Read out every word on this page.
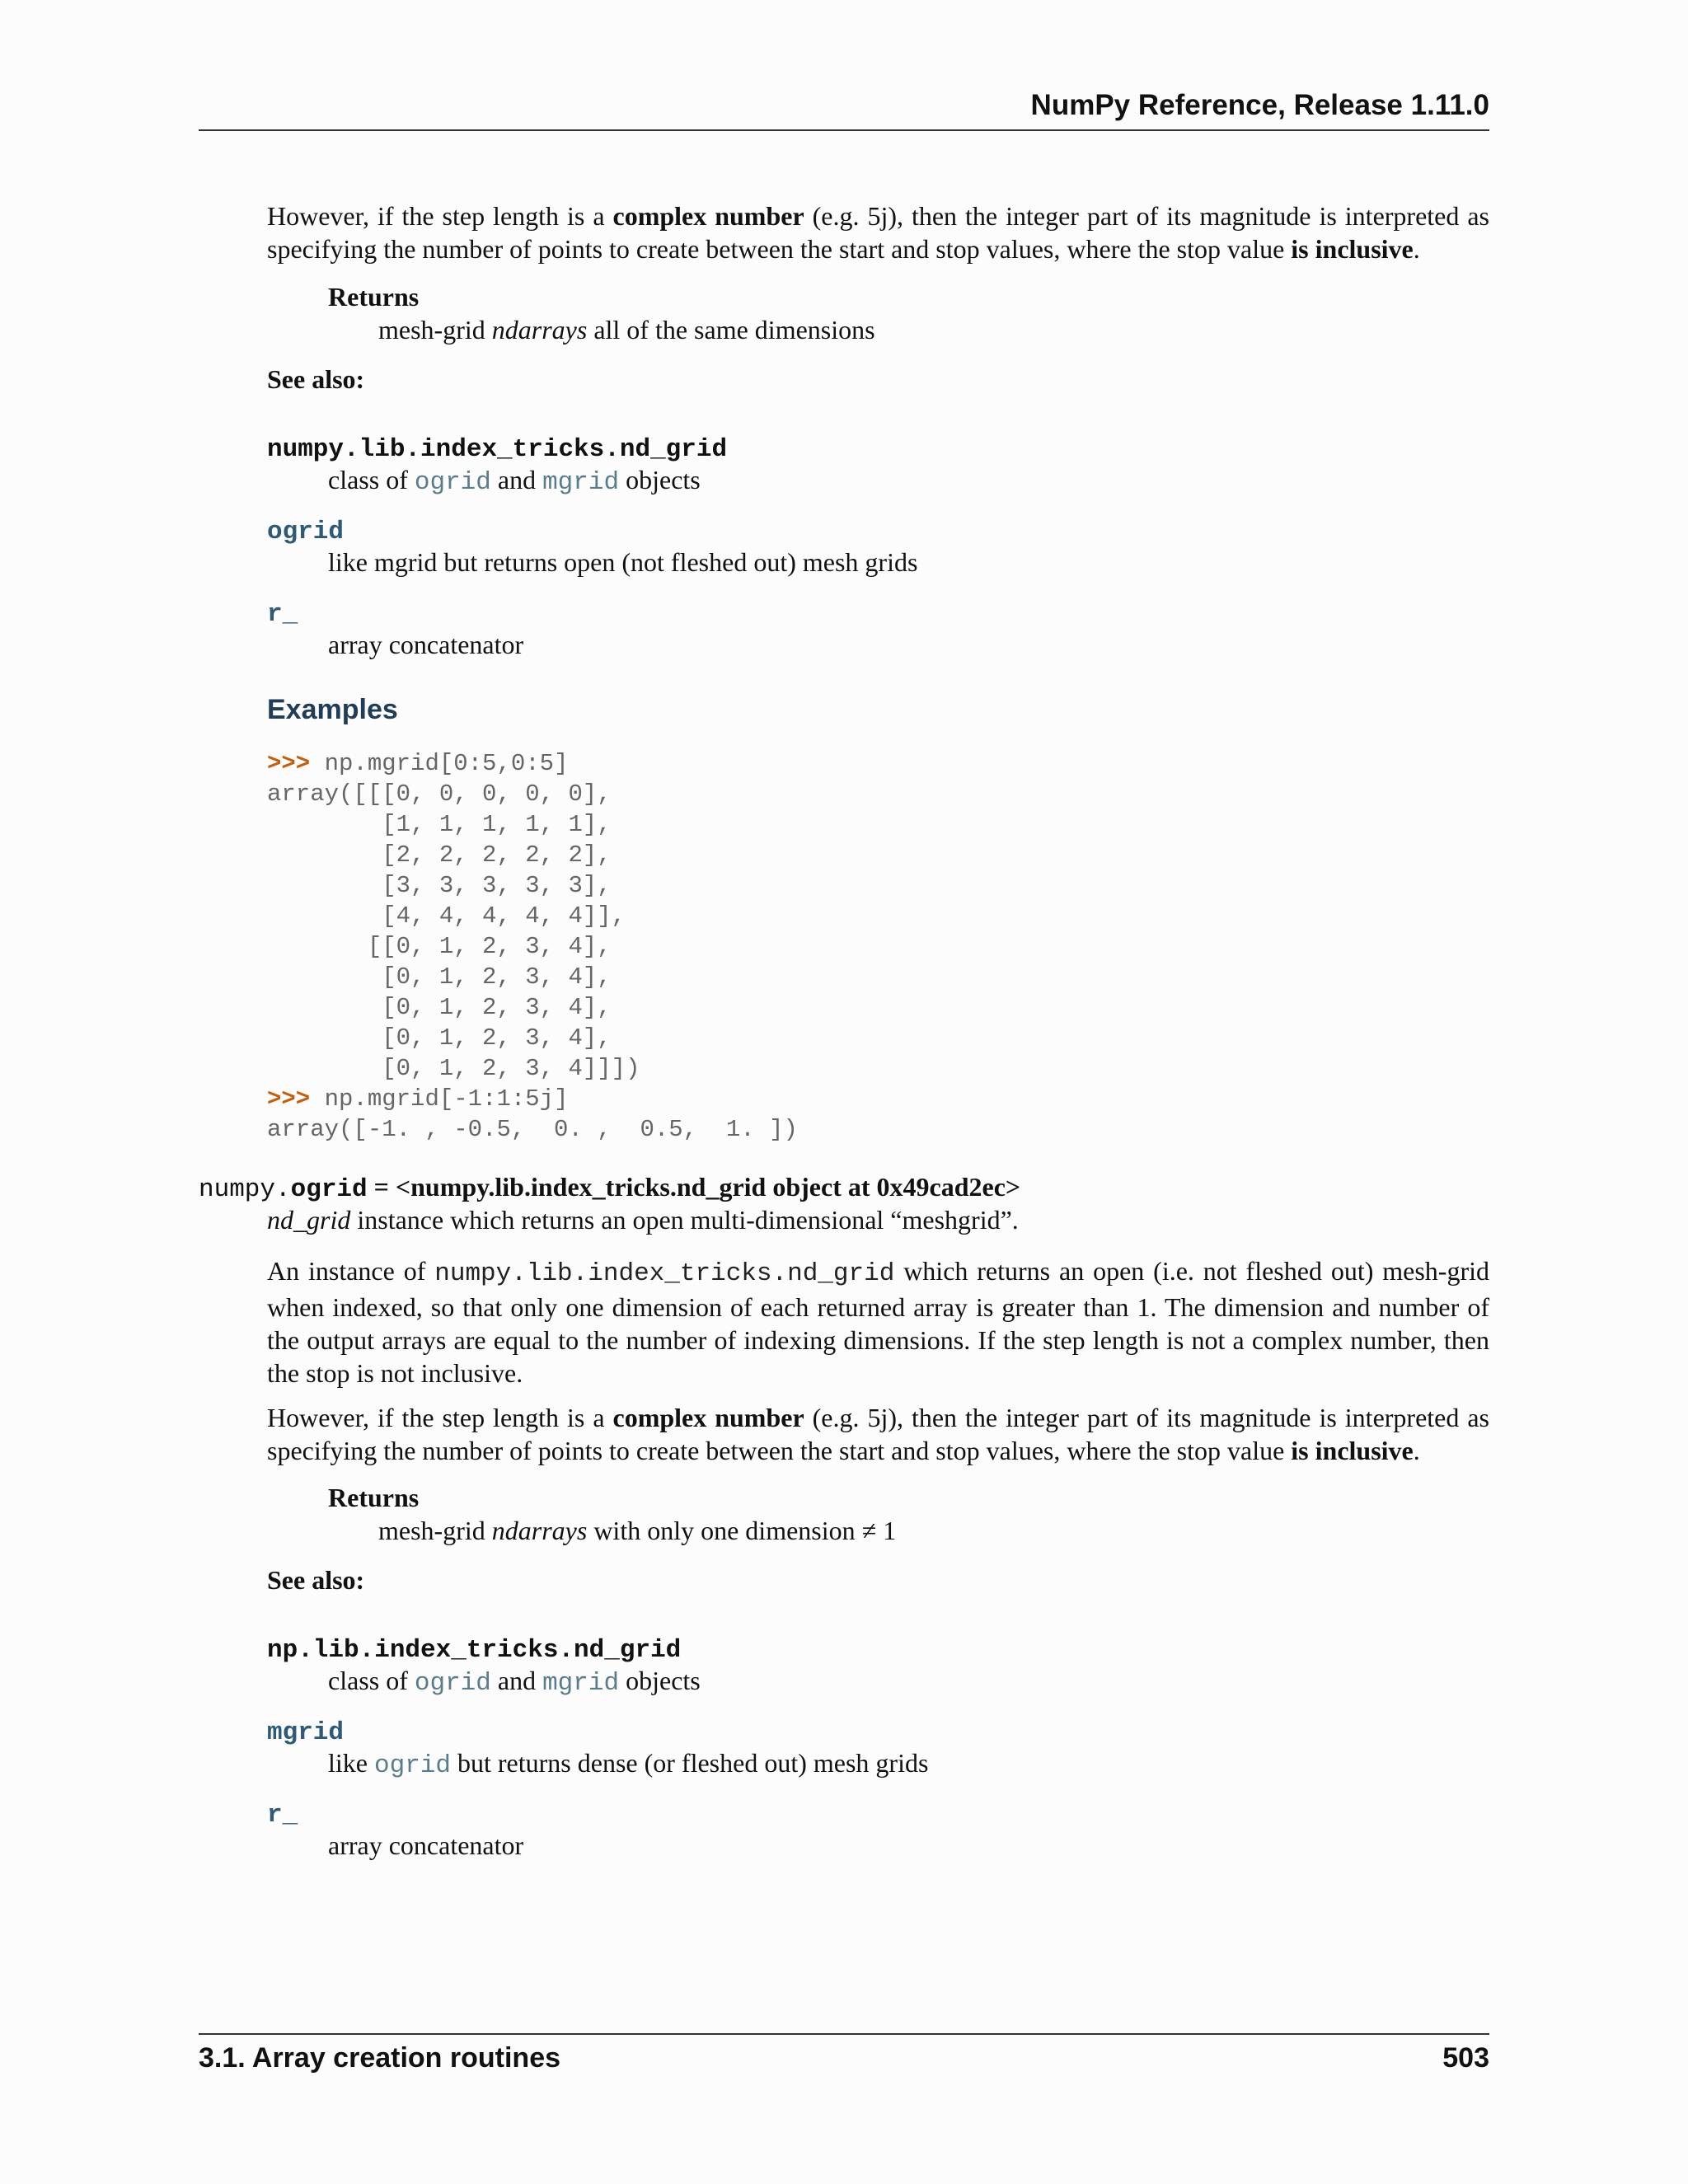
NumPy Reference, Release 1.11.0

However, if the step length is a complex number (e.g. 5j), then the integer part of its magnitude is interpreted as specifying the number of points to create between the start and stop values, where the stop value is inclusive.

Returns
mesh-grid ndarrays all of the same dimensions
See also:
numpy.lib.index_tricks.nd_grid
class of ogrid and mgrid objects
ogrid
like mgrid but returns open (not fleshed out) mesh grids
r_
array concatenator
Examples
>>> np.mgrid[0:5,0:5]
array([[[0, 0, 0, 0, 0],
[1, 1, 1, 1, 1],
[2, 2, 2, 2, 2],
[3, 3, 3, 3, 3],
[4, 4, 4, 4, 4]],
[[0, 1, 2, 3, 4],
[0, 1, 2, 3, 4],
[0, 1, 2, 3, 4],
[0, 1, 2, 3, 4],
[0, 1, 2, 3, 4]]])
>>> np.mgrid[-1:1:5j]
array([-1. , -0.5,  0. ,  0.5,  1. ])
numpy.ogrid = <numpy.lib.index_tricks.nd_grid object at 0x49cad2ec>
nd_grid instance which returns an open multi-dimensional “meshgrid”.

An instance of numpy.lib.index_tricks.nd_grid which returns an open (i.e. not fleshed out) mesh-grid when indexed, so that only one dimension of each returned array is greater than 1. The dimension and number of the output arrays are equal to the number of indexing dimensions. If the step length is not a complex number, then the stop is not inclusive.

However, if the step length is a complex number (e.g. 5j), then the integer part of its magnitude is interpreted as specifying the number of points to create between the start and stop values, where the stop value is inclusive.

Returns
mesh-grid ndarrays with only one dimension ≠ 1
See also:
np.lib.index_tricks.nd_grid
class of ogrid and mgrid objects
mgrid
like ogrid but returns dense (or fleshed out) mesh grids
r_
array concatenator
3.1. Array creation routines	503
